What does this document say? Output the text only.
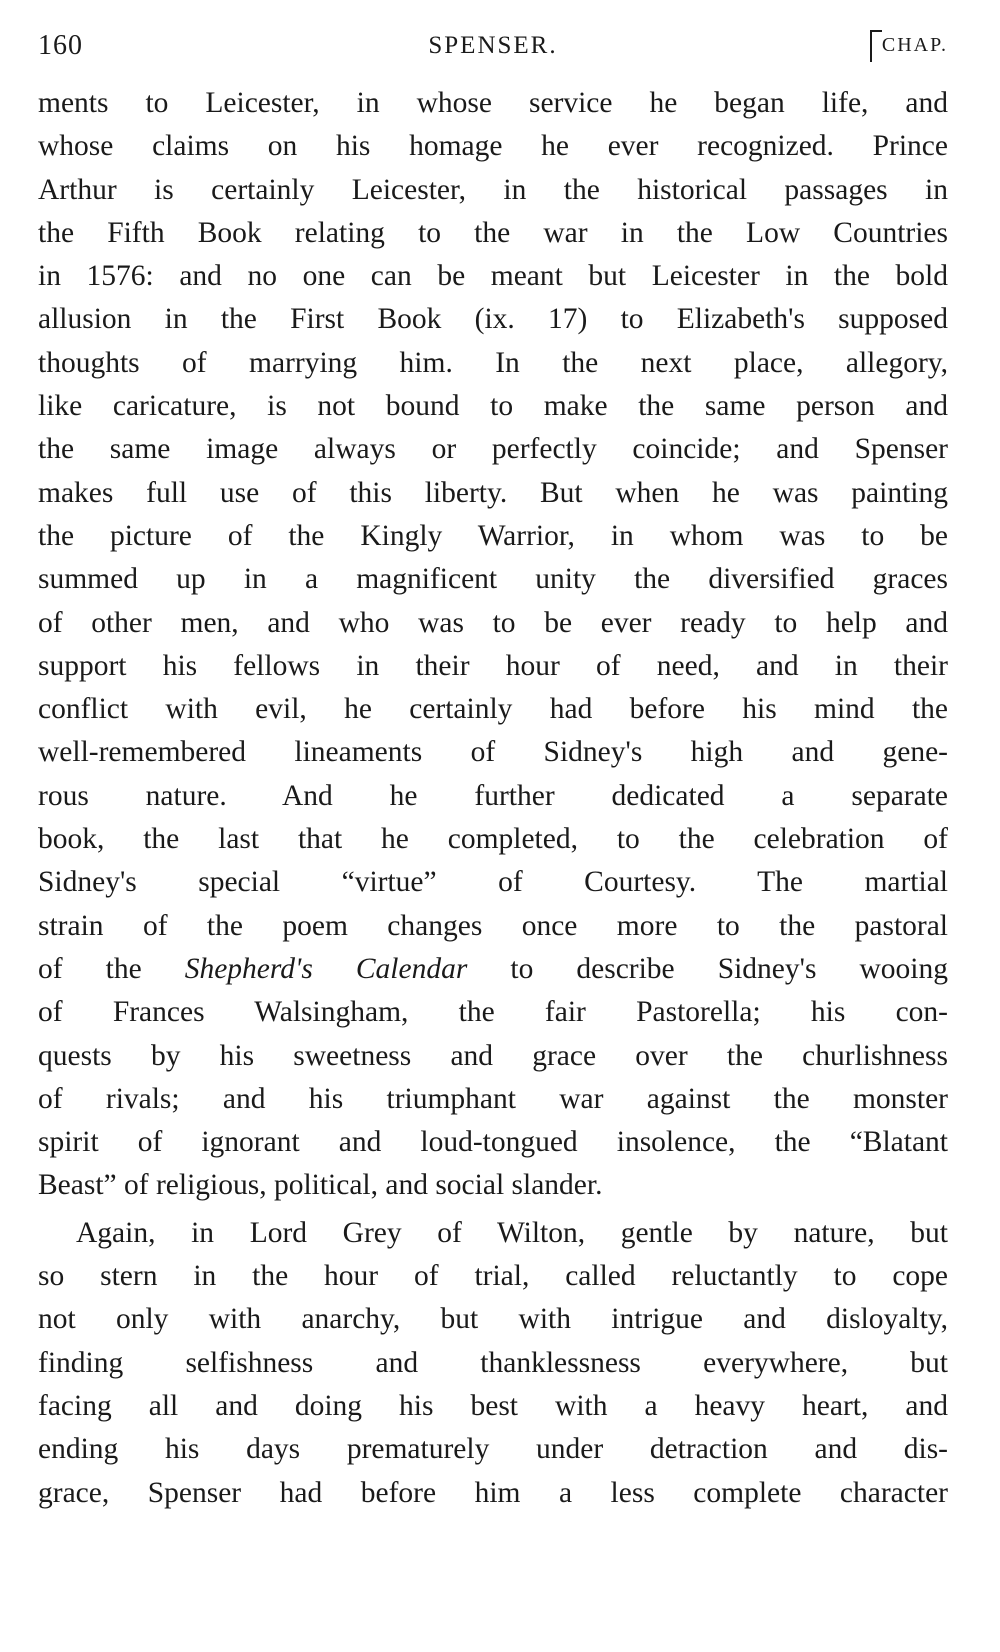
160	SPENSER.	CHAP.
ments to Leicester, in whose service he began life, and
whose claims on his homage he ever recognized. Prince
Arthur is certainly Leicester, in the historical passages in
the Fifth Book relating to the war in the Low Countries
in 1576: and no one can be meant but Leicester in the bold
allusion in the First Book (ix. 17) to Elizabeth's supposed
thoughts of marrying him. In the next place, allegory,
like caricature, is not bound to make the same person and
the same image always or perfectly coincide; and Spenser
makes full use of this liberty. But when he was painting
the picture of the Kingly Warrior, in whom was to be
summed up in a magnificent unity the diversified graces
of other men, and who was to be ever ready to help and
support his fellows in their hour of need, and in their
conflict with evil, he certainly had before his mind the
well-remembered lineaments of Sidney's high and gene-
rous nature. And he further dedicated a separate
book, the last that he completed, to the celebration of
Sidney's special “virtue” of Courtesy. The martial
strain of the poem changes once more to the pastoral
of the Shepherd's Calendar to describe Sidney's wooing
of Frances Walsingham, the fair Pastorella; his con-
quests by his sweetness and grace over the churlishness
of rivals; and his triumphant war against the monster
spirit of ignorant and loud-tongued insolence, the “Blatant
Beast” of religious, political, and social slander.
Again, in Lord Grey of Wilton, gentle by nature, but
so stern in the hour of trial, called reluctantly to cope
not only with anarchy, but with intrigue and disloyalty,
finding selfishness and thanklessness everywhere, but
facing all and doing his best with a heavy heart, and
ending his days prematurely under detraction and dis-
grace, Spenser had before him a less complete character
